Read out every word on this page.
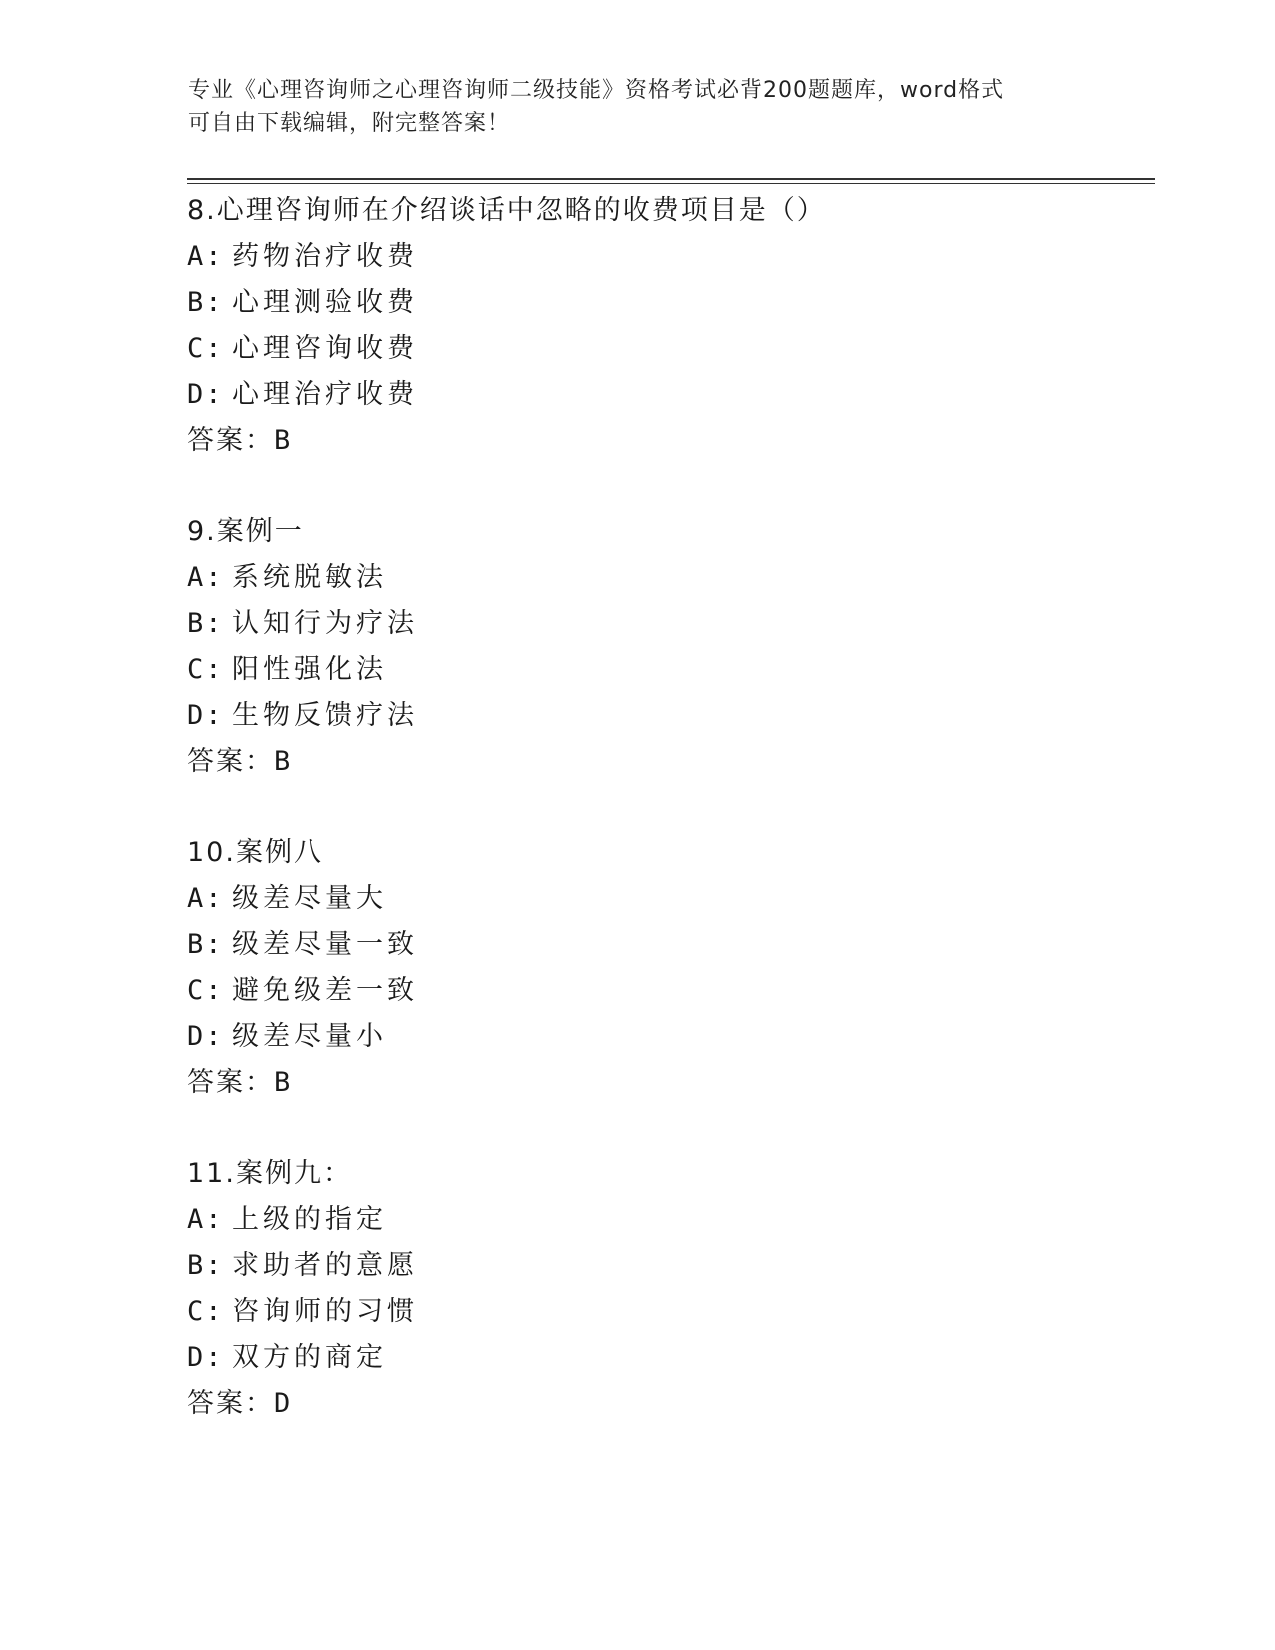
专业《心理咨询师之心理咨询师二级技能》资格考试必背200题题库，word格式
可自由下载编辑，附完整答案！
8.心理咨询师在介绍谈话中忽略的收费项目是（）
A: 药物治疗收费
B: 心理测验收费
C: 心理咨询收费
D: 心理治疗收费
答案：B
9.案例一
A: 系统脱敏法
B: 认知行为疗法
C: 阳性强化法
D: 生物反馈疗法
答案：B
10.案例八
A: 级差尽量大
B: 级差尽量一致
C: 避免级差一致
D: 级差尽量小
答案：B
11.案例九：
A: 上级的指定
B: 求助者的意愿
C: 咨询师的习惯
D: 双方的商定
答案：D
